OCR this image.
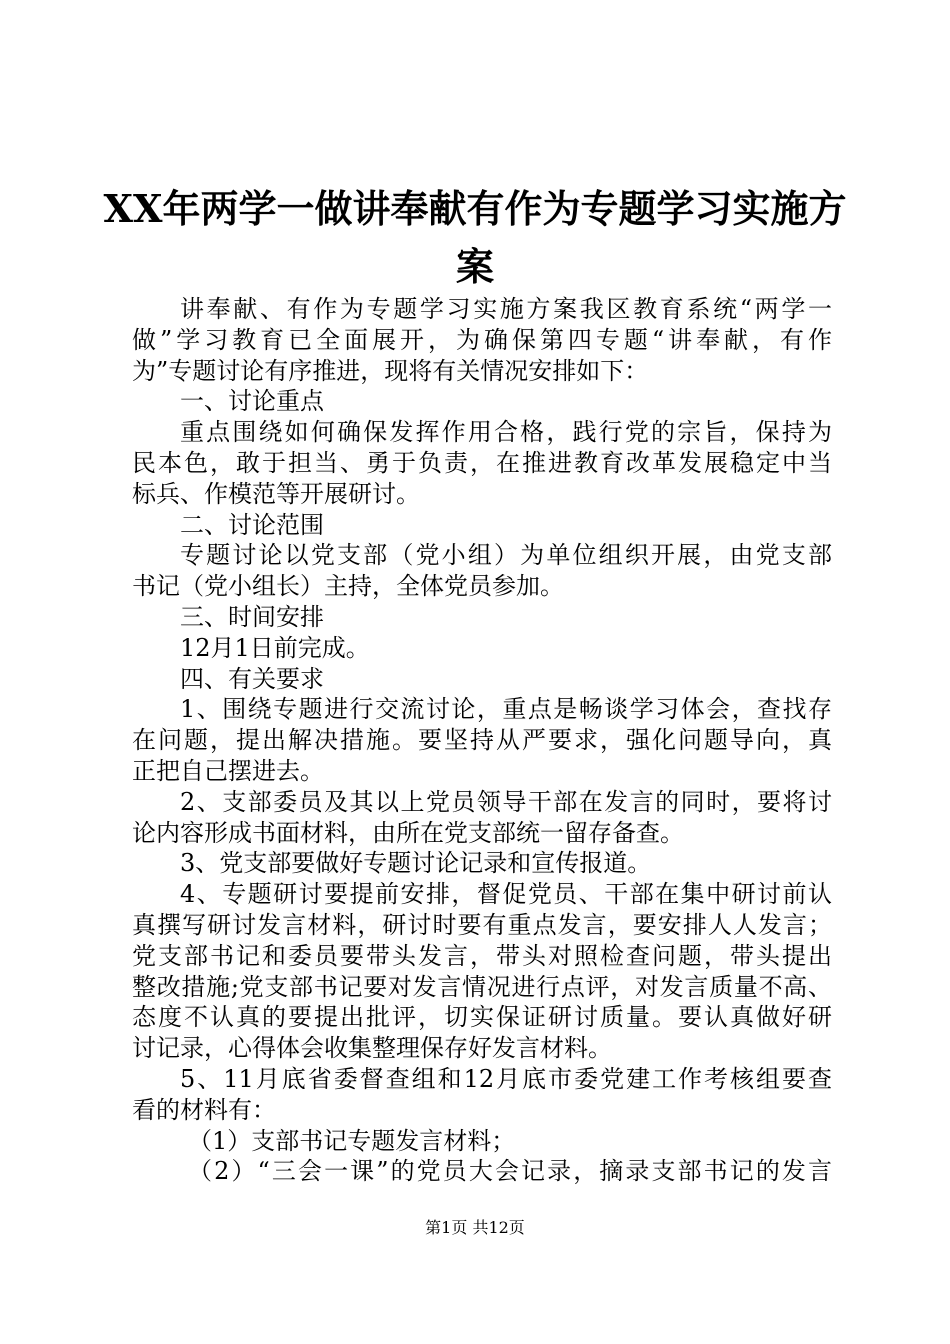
XX年两学一做讲奉献有作为专题学习实施方
案
讲奉献、有作为专题学习实施方案我区教育系统“两学一
做”学习教育已全面展开，为确保第四专题“讲奉献，有作
为”专题讨论有序推进，现将有关情况安排如下：
一、讨论重点
重点围绕如何确保发挥作用合格，践行党的宗旨，保持为
民本色，敢于担当、勇于负责，在推进教育改革发展稳定中当
标兵、作模范等开展研讨。
二、讨论范围
专题讨论以党支部（党小组）为单位组织开展，由党支部
书记（党小组长）主持，全体党员参加。
三、时间安排
12月1日前完成。
四、有关要求
1、围绕专题进行交流讨论，重点是畅谈学习体会，查找存
在问题，提出解决措施。要坚持从严要求，强化问题导向，真
正把自己摆进去。
2、支部委员及其以上党员领导干部在发言的同时，要将讨
论内容形成书面材料，由所在党支部统一留存备查。
3、党支部要做好专题讨论记录和宣传报道。
4、专题研讨要提前安排，督促党员、干部在集中研讨前认
真撰写研讨发言材料，研讨时要有重点发言，要安排人人发言；
党支部书记和委员要带头发言，带头对照检查问题，带头提出
整改措施;党支部书记要对发言情况进行点评，对发言质量不高、
态度不认真的要提出批评，切实保证研讨质量。要认真做好研
讨记录，心得体会收集整理保存好发言材料。
5、11月底省委督查组和12月底市委党建工作考核组要查
看的材料有：
（1）支部书记专题发言材料；
（2）“三会一课”的党员大会记录，摘录支部书记的发言
第1页 共12页
